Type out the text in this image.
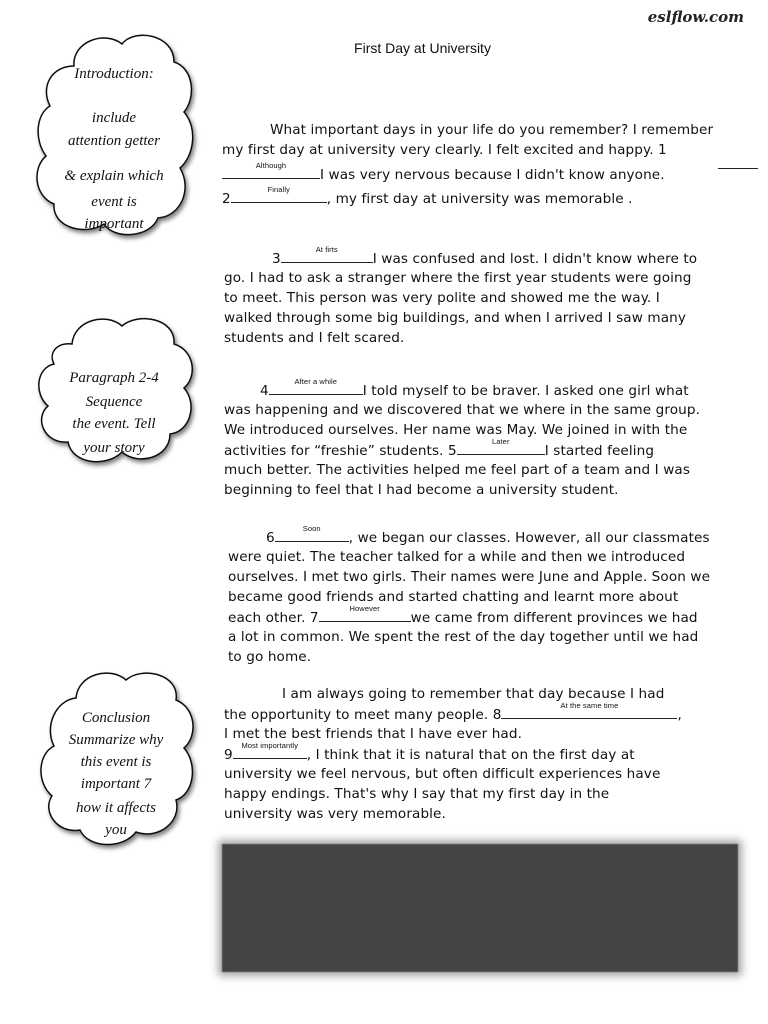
eslflow.com
First Day at University
Introduction:
include
attention getter
& explain which
event is
important
Paragraph 2-4
Sequence
the event. Tell
your story
Conclusion
Summarize why
this event is
important 7
how it affects
you
What important days in your life do you remember? I remember
my first day at university very clearly. I felt excited and happy. 1
Although
I was very nervous because I didn't know anyone.
2
Finally
, my first day at university was memorable .
3
At firts
I was confused and lost. I didn't know where to
go. I had to ask a stranger where the first year students were going
to meet. This person was very polite and showed me the way. I
walked through some big buildings, and when I arrived I saw many
students and I felt scared.
4
After a while
I told myself to be braver. I asked one girl what
was happening and we discovered that we where in the same group.
We introduced ourselves. Her name was May. We joined in with the
activities for “freshie” students. 5
Later
I started feeling
much better. The activities helped me feel part of a team and I was
beginning to feel that I had become a university student.
6
Soon
, we began our classes. However, all our classmates
were quiet. The teacher talked for a while and then we introduced
ourselves. I met two girls. Their names were June and Apple. Soon we
became good friends and started chatting and learnt more about
each other. 7
However
we came from different provinces we had
a lot in common. We spent the rest of the day together until we had
to go home.
I am always going to remember that day because I had
the opportunity to meet many people. 8
At the same time
,
I met the best friends that I have ever had.
9
Most importantly
, I think that it is natural that on the first day at
university we feel nervous, but often difficult experiences have
happy endings. That's why I say that my first day in the
university was very memorable.
